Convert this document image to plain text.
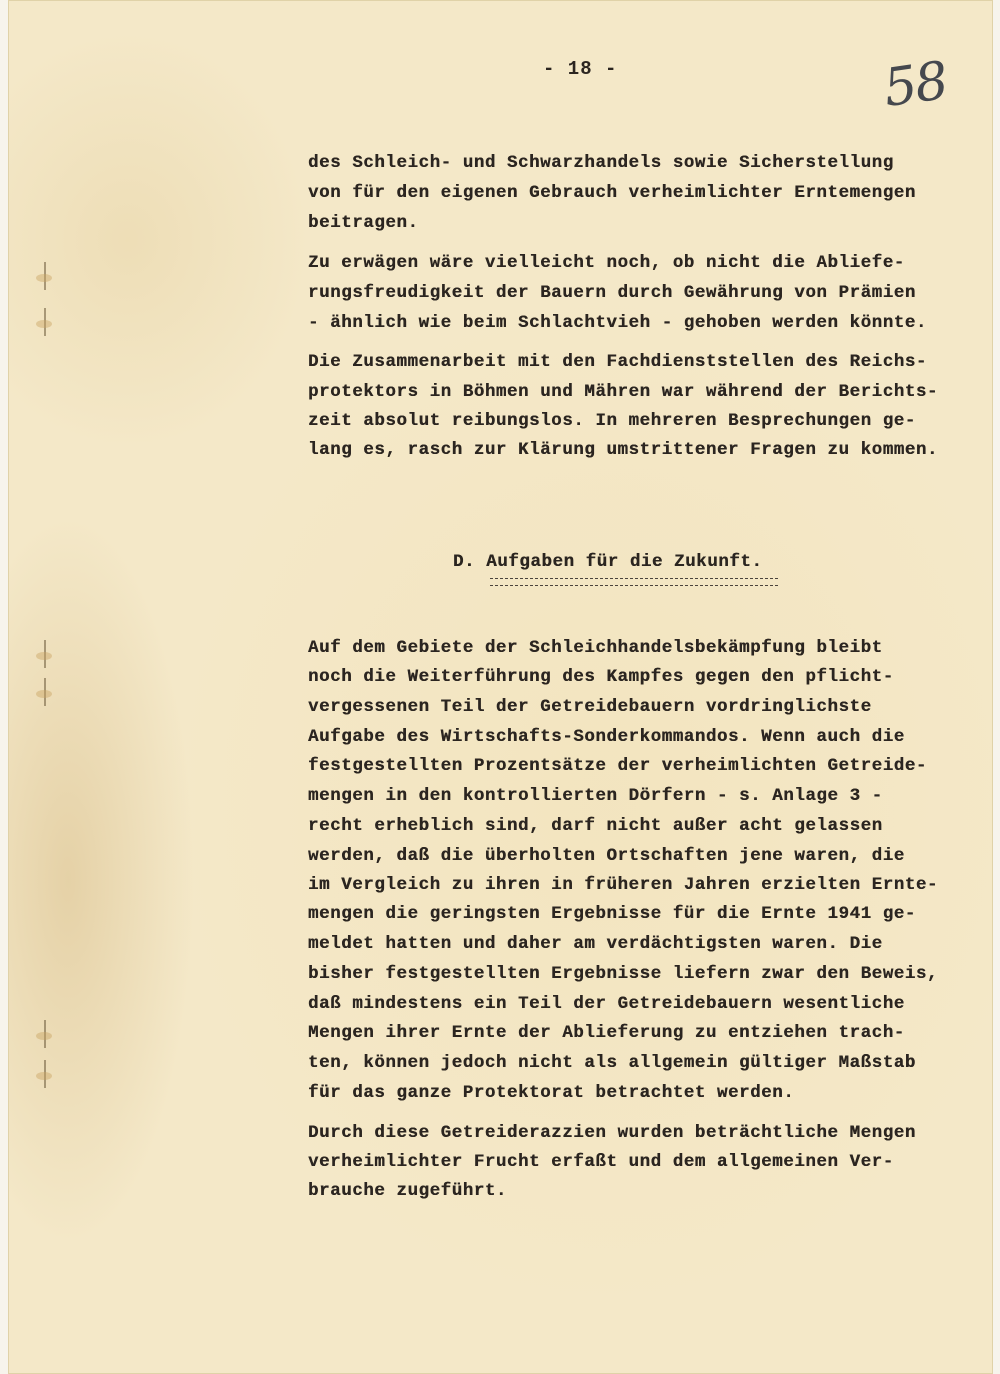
- 18 -	58

des Schleich- und Schwarzhandels sowie Sicherstellung

von für den eigenen Gebrauch verheimlichter Erntemengen

beitragen.

Zu erwägen wäre vielleicht noch, ob nicht die Abliefe-

rungsfreudigkeit der Bauern durch Gewährung von Prämien

- ähnlich wie beim Schlachtvieh - gehoben werden könnte.

Die Zusammenarbeit mit den Fachdienststellen des Reichs-

protektors in Böhmen und Mähren war während der Berichts-

zeit absolut reibungslos. In mehreren Besprechungen ge-

lang es, rasch zur Klärung umstrittener Fragen zu kommen.

D. Aufgaben für die Zukunft.

Auf dem Gebiete der Schleichhandelsbekämpfung bleibt

noch die Weiterführung des Kampfes gegen den pflicht-

vergessenen Teil der Getreidebauern vordringlichste

Aufgabe des Wirtschafts-Sonderkommandos. Wenn auch die

festgestellten Prozentsätze der verheimlichten Getreide-

mengen in den kontrollierten Dörfern - s. Anlage 3 -

recht erheblich sind, darf nicht außer acht gelassen

werden, daß die überholten Ortschaften jene waren, die

im Vergleich zu ihren in früheren Jahren erzielten Ernte-

mengen die geringsten Ergebnisse für die Ernte 1941 ge-

meldet hatten und daher am verdächtigsten waren. Die

bisher festgestellten Ergebnisse liefern zwar den Beweis,

daß mindestens ein Teil der Getreidebauern wesentliche

Mengen ihrer Ernte der Ablieferung zu entziehen trach-

ten, können jedoch nicht als allgemein gültiger Maßstab

für das ganze Protektorat betrachtet werden.

Durch diese Getreiderazzien wurden beträchtliche Mengen

verheimlichter Frucht erfaßt und dem allgemeinen Ver-

brauche zugeführt.
